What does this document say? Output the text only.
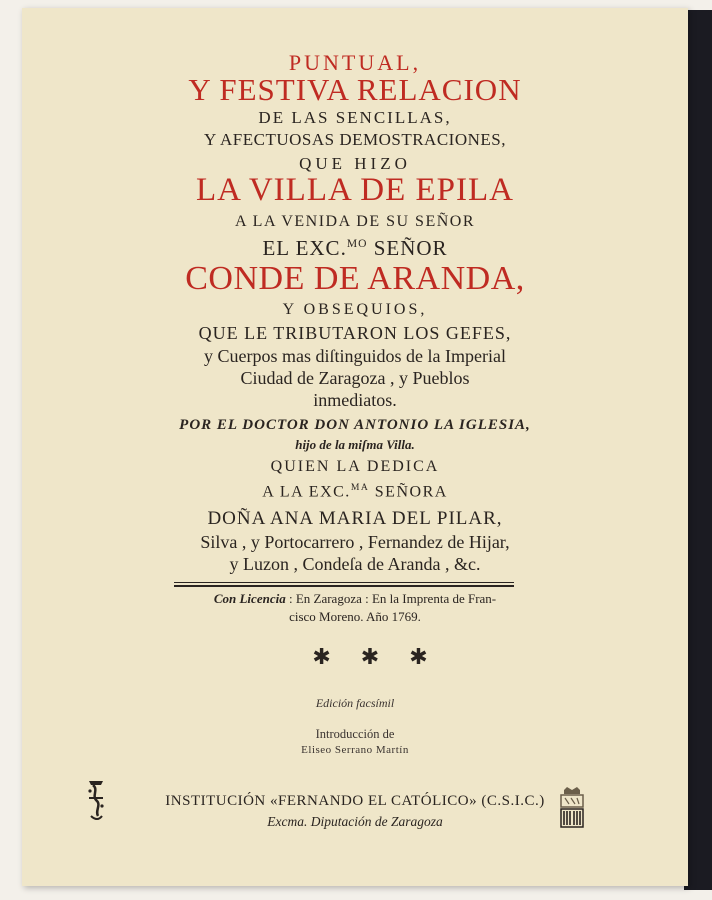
PUNTUAL,
Y FESTIVA RELACION
DE LAS SENCILLAS,
Y AFECTUOSAS DEMOSTRACIONES,
QUE HIZO
LA VILLA DE EPILA
A LA VENIDA DE SU SEÑOR
EL EXC.$^{MO}$ SEÑOR
CONDE DE ARANDA,
Y OBSEQUIOS,
QUE LE TRIBUTARON LOS GEFES,
y Cuerpos mas diſtinguidos de la Imperial
Ciudad de Zaragoza , y Pueblos
inmediatos.
POR EL DOCTOR DON ANTONIO LA IGLESIA,
hijo de la miſma Villa.
QUIEN LA DEDICA
A LA EXC.$^{MA}$ SEÑORA
DOÑA ANA MARIA DEL PILAR,
Silva , y Portocarrero , Fernandez de Hijar,
y Luzon , Condeſa de Aranda , &c.
Con Licencia : En Zaragoza : En la Imprenta de Fran-
cisco Moreno. Año 1769.
✱✱✱
Edición facsímil
Introducción de
Eliseo Serrano Martín
INSTITUCIÓN «FERNANDO EL CATÓLICO» (C.S.I.C.)
Excma. Diputación de Zaragoza
